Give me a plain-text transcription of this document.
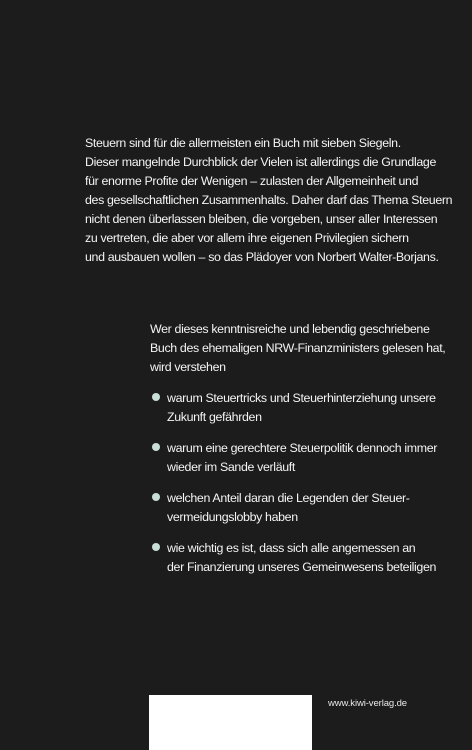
Steuern sind für die allermeisten ein Buch mit sieben Siegeln.
Dieser mangelnde Durchblick der Vielen ist allerdings die Grundlage
für enorme Profite der Wenigen – zulasten der Allgemeinheit und
des gesellschaftlichen Zusammenhalts. Daher darf das Thema Steuern
nicht denen überlassen bleiben, die vorgeben, unser aller Interessen
zu vertreten, die aber vor allem ihre eigenen Privilegien sichern
und ausbauen wollen – so das Plädoyer von Norbert Walter-Borjans.
Wer dieses kenntnisreiche und lebendig geschriebene
Buch des ehemaligen NRW-Finanzministers gelesen hat,
wird verstehen
warum Steuertricks und Steuerhinterziehung unsere
Zukunft gefährden
warum eine gerechtere Steuerpolitik dennoch immer
wieder im Sande verläuft
welchen Anteil daran die Legenden der Steuer-
vermeidungslobby haben
wie wichtig es ist, dass sich alle angemessen an
der Finanzierung unseres Gemeinwesens beteiligen
www.kiwi-verlag.de
